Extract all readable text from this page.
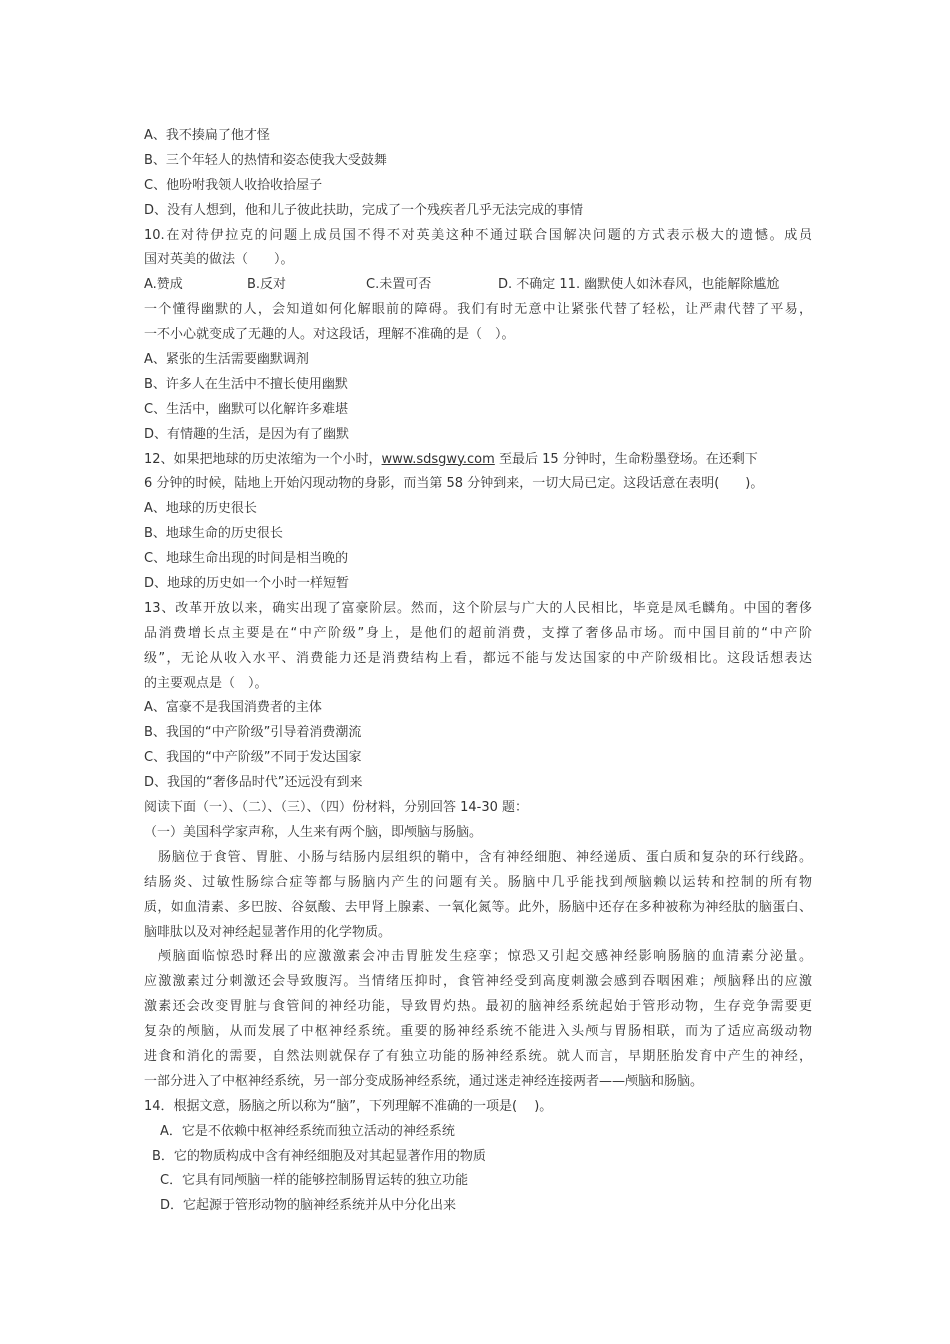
A、我不揍扁了他才怪
B、三个年轻人的热情和姿态使我大受鼓舞
C、他吩咐我领人收拾收拾屋子
D、没有人想到，他和儿子彼此扶助，完成了一个残疾者几乎无法完成的事情
10.在对待伊拉克的问题上成员国不得不对英美这种不通过联合国解决问题的方式表示极大的遗憾。成员
国对英美的做法（　　）。
A.赞成	B.反对	C.未置可否	D. 不确定 11. 幽默使人如沐春风，也能解除尴尬
一个懂得幽默的人，会知道如何化解眼前的障碍。我们有时无意中让紧张代替了轻松，让严肃代替了平易，
一不小心就变成了无趣的人。对这段话，理解不准确的是（　）。
A、紧张的生活需要幽默调剂
B、许多人在生活中不擅长使用幽默
C、生活中，幽默可以化解许多难堪
D、有情趣的生活，是因为有了幽默
12、如果把地球的历史浓缩为一个小时，www.sdsgwy.com 至最后 15 分钟时，生命粉墨登场。在还剩下
6 分钟的时候，陆地上开始闪现动物的身影，而当第 58 分钟到来，一切大局已定。这段话意在表明(　　)。
A、地球的历史很长
B、地球生命的历史很长
C、地球生命出现的时间是相当晚的
D、地球的历史如一个小时一样短暂
13、改革开放以来，确实出现了富豪阶层。然而，这个阶层与广大的人民相比，毕竟是凤毛麟角。中国的奢侈
品消费增长点主要是在“中产阶级”身上，是他们的超前消费，支撑了奢侈品市场。而中国目前的“中产阶
级”，无论从收入水平、消费能力还是消费结构上看，都远不能与发达国家的中产阶级相比。这段话想表达
的主要观点是（　）。
A、富豪不是我国消费者的主体
B、我国的“中产阶级”引导着消费潮流
C、我国的“中产阶级”不同于发达国家
D、我国的“奢侈品时代”还远没有到来
阅读下面（一）、（二）、（三）、（四）份材料，分别回答 14-30 题：
（一）美国科学家声称，人生来有两个脑，即颅脑与肠脑。
肠脑位于食管、胃脏、小肠与结肠内层组织的鞘中，含有神经细胞、神经递质、蛋白质和复杂的环行线路。
结肠炎、过敏性肠综合症等都与肠脑内产生的问题有关。肠脑中几乎能找到颅脑赖以运转和控制的所有物
质，如血清素、多巴胺、谷氨酸、去甲肾上腺素、一氧化氮等。此外，肠脑中还存在多种被称为神经肽的脑蛋白、
脑啡肽以及对神经起显著作用的化学物质。
颅脑面临惊恐时释出的应激激素会冲击胃脏发生痉挛；惊恐又引起交感神经影响肠脑的血清素分泌量。
应激激素过分刺激还会导致腹泻。当情绪压抑时，食管神经受到高度刺激会感到吞咽困难；颅脑释出的应激
激素还会改变胃脏与食管间的神经功能，导致胃灼热。最初的脑神经系统起始于管形动物，生存竞争需要更
复杂的颅脑，从而发展了中枢神经系统。重要的肠神经系统不能进入头颅与胃肠相联，而为了适应高级动物
进食和消化的需要，自然法则就保存了有独立功能的肠神经系统。就人而言，早期胚胎发育中产生的神经，
一部分进入了中枢神经系统，另一部分变成肠神经系统，通过迷走神经连接两者——颅脑和肠脑。
14．根据文意，肠脑之所以称为“脑”，下列理解不准确的一项是(　 )。
A．它是不依赖中枢神经系统而独立活动的神经系统
B．它的物质构成中含有神经细胞及对其起显著作用的物质
C．它具有同颅脑一样的能够控制肠胃运转的独立功能
D．它起源于管形动物的脑神经系统并从中分化出来
